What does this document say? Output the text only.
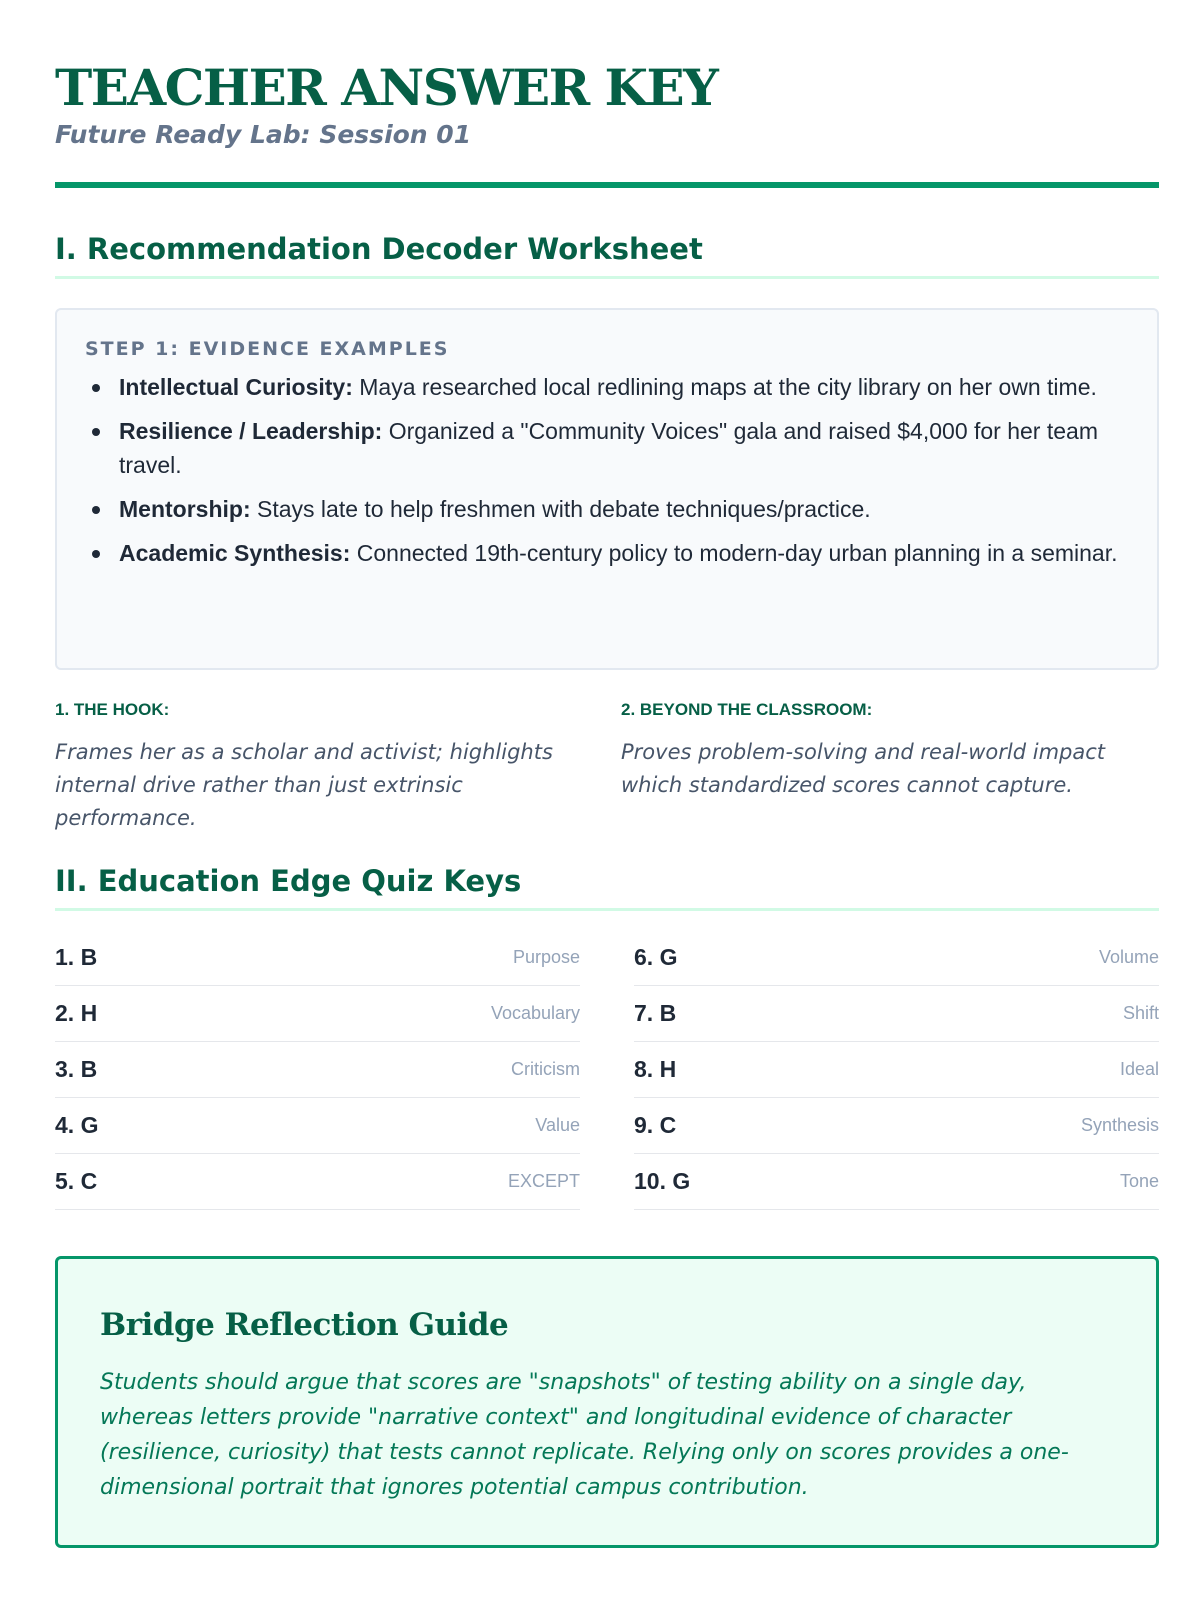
TEACHER ANSWER KEY
Future Ready Lab: Session 01
I. Recommendation Decoder Worksheet
STEP 1: EVIDENCE EXAMPLES
Intellectual Curiosity: Maya researched local redlining maps at the city library on her own time.
Resilience / Leadership: Organized a "Community Voices" gala and raised $4,000 for her team travel.
Mentorship: Stays late to help freshmen with debate techniques/practice.
Academic Synthesis: Connected 19th-century policy to modern-day urban planning in a seminar.
1. THE HOOK:
Frames her as a scholar and activist; highlights internal drive rather than just extrinsic performance.
2. BEYOND THE CLASSROOM:
Proves problem-solving and real-world impact which standardized scores cannot capture.
II. Education Edge Quiz Keys
1. B	Purpose
2. H	Vocabulary
3. B	Criticism
4. G	Value
5. C	EXCEPT
6. G	Volume
7. B	Shift
8. H	Ideal
9. C	Synthesis
10. G	Tone
Bridge Reflection Guide

Students should argue that scores are "snapshots" of testing ability on a single day, whereas letters provide "narrative context" and longitudinal evidence of character (resilience, curiosity) that tests cannot replicate. Relying only on scores provides a one-dimensional portrait that ignores potential campus contribution.
